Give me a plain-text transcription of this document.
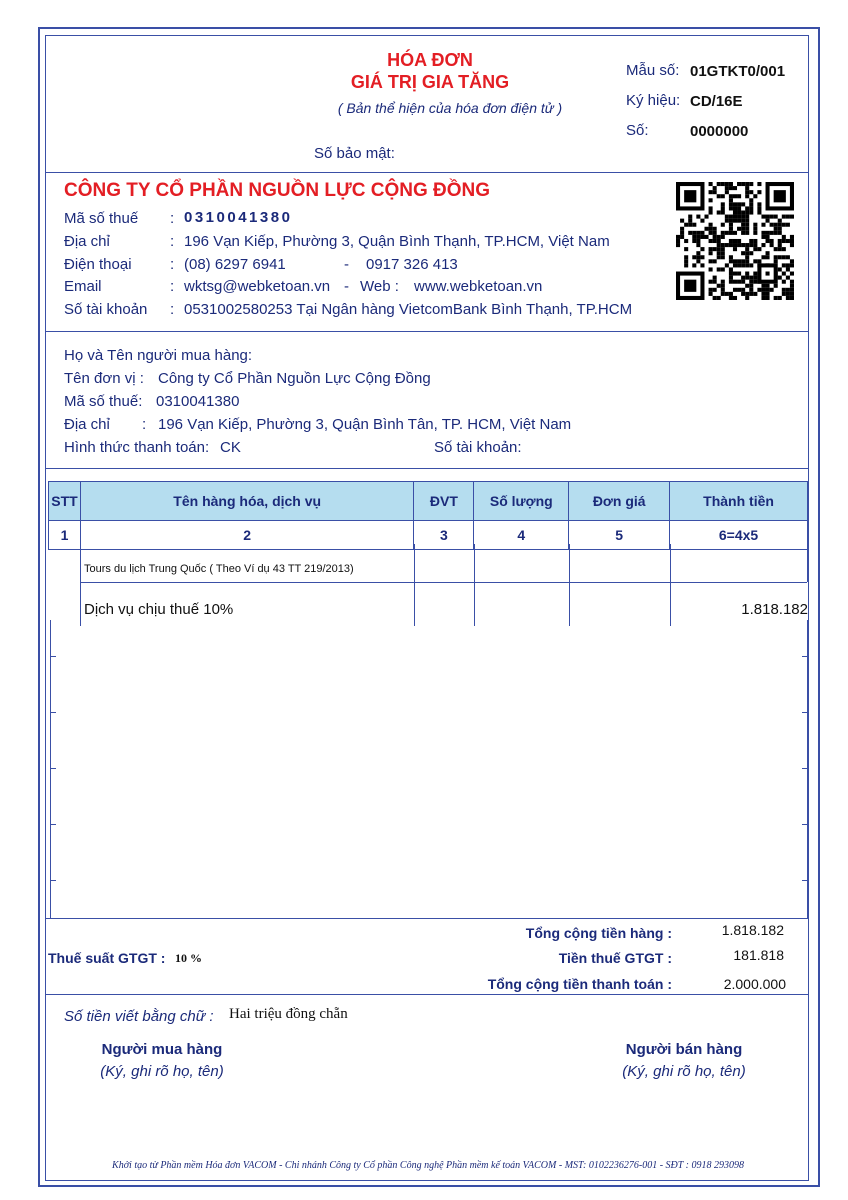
HÓA ĐƠN
GIÁ TRỊ GIA TĂNG
( Bản thể hiện của hóa đơn điện tử )
Mẫu số: 01GTKT0/001
Ký hiệu: CD/16E
Số:	0000000
Số bảo mật:
CÔNG TY CỔ PHẦN NGUỒN LỰC CỘNG ĐỒNG
Mã số thuế : 0310041380
Địa chỉ	: 196 Vạn Kiếp, Phường 3, Quận Bình Thạnh, TP.HCM, Việt Nam
Điện thoại	: (08) 6297 6941	- 0917 326 413
Email	: wktsg@webketoan.vn - Web : www.webketoan.vn
Số tài khoản : 0531002580253 Tại Ngân hàng VietcomBank Bình Thạnh, TP.HCM
Họ và Tên người mua hàng:
Tên đơn vị : Công ty Cổ Phần Nguồn Lực Cộng Đồng
Mã số thuế: 0310041380
Địa chỉ : 196 Vạn Kiếp, Phường 3, Quận Bình Tân, TP. HCM, Việt Nam
Hình thức thanh toán: CK	Số tài khoản:
STT	Tên hàng hóa, dịch vụ	ĐVT	Số lượng	Đơn giá	Thành tiền
1	2	3	4	5	6=4x5
Tours du lịch Trung Quốc ( Theo Ví dụ 43 TT 219/2013)
Dịch vụ chịu thuế 10%	1.818.182
Tổng cộng tiền hàng :	1.818.182
Thuế suất GTGT : 10 %	Tiền thuế GTGT :	181.818
Tổng cộng tiền thanh toán :	2.000.000
Số tiền viết bằng chữ : Hai triệu đồng chẵn
Người mua hàng
(Ký, ghi rõ họ, tên)
Người bán hàng
(Ký, ghi rõ họ, tên)
Khởi tạo từ Phần mềm Hóa đơn VACOM - Chi nhánh Công ty Cổ phần Công nghệ Phần mềm kế toán VACOM - MST: 0102236276-001 - SĐT : 0918 293098
